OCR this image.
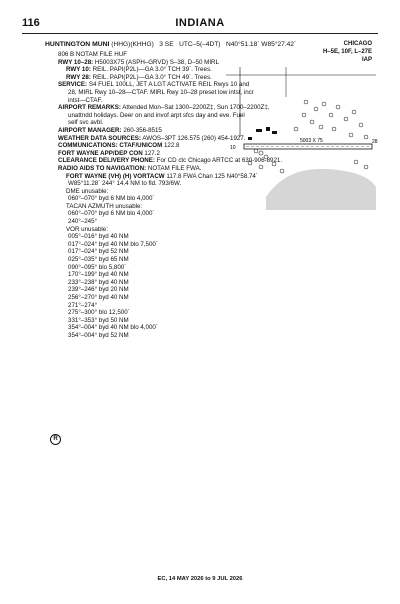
116	INDIANA
HUNTINGTON MUNI (HHG)(KHHG) 3 SE UTC–5(–4DT) N40°51.18´ W85°27.42´	CHICAGO
H–5E, 10F, L–27E
IAP
806 B NOTAM FILE HUF
RWY 10–28: H5003X75 (ASPH–GRVD) S–38, D–50 MIRL
RWY 10: REIL. PAPI(P2L)—GA 3.0° TCH 39´. Trees.
RWY 28: REIL. PAPI(P2L)—GA 3.0° TCH 49´. Trees.
SERVICE: S4 FUEL 100LL, JET A LGT ACTIVATE REIL Rwys 10 and
28, MIRL Rwy 10–28—CTAF. MIRL Rwy 10–28 preset low intst, incr
intst—CTAF.
AIRPORT REMARKS: Attended Mon–Sat 1300–2200Z‡, Sun 1700–2200Z‡,
unattndd holidays. Deer on and invof arpt sfcs day and eve. Fuel
self svc avbl.
AIRPORT MANAGER: 260-356-8515
WEATHER DATA SOURCES: AWOS–3PT 126.575 (260) 454-1927.
COMMUNICATIONS: CTAF/UNICOM 122.8
FORT WAYNE APP/DEP CON 127.2
CLEARANCE DELIVERY PHONE: For CD ctc Chicago ARTCC at 630-906-8921.
RADIO AIDS TO NAVIGATION: NOTAM FILE FWA.
FORT WAYNE (VH) (H) VORTACW 117.8 FWA Chan 125 N40°58.74´
W85°11.28´ 244° 14.4 NM to fld. 793/6W.
DME unusable:
060°–070° byd 6 NM blo 4,000´
TACAN AZMUTH unusable:
060°–070° byd 6 NM blo 4,000´
240°–245°
VOR unusable:
005°–016° byd 40 NM
017°–024° byd 40 NM blo 7,500´
017°–024° byd 52 NM
025°–035° byd 65 NM
090°–095° blo 5,800´
170°–199° byd 40 NM
233°–238° byd 40 NM
239°–246° byd 20 NM
256°–270° byd 40 NM
271°–274°
275°–300° blo 12,500´
331°–353° byd 50 NM
354°–004° byd 40 NM blo 4,000´
354°–004° byd 52 NM
R
10
28
5003 X 75
EC, 14 MAY 2026 to 9 JUL 2026
